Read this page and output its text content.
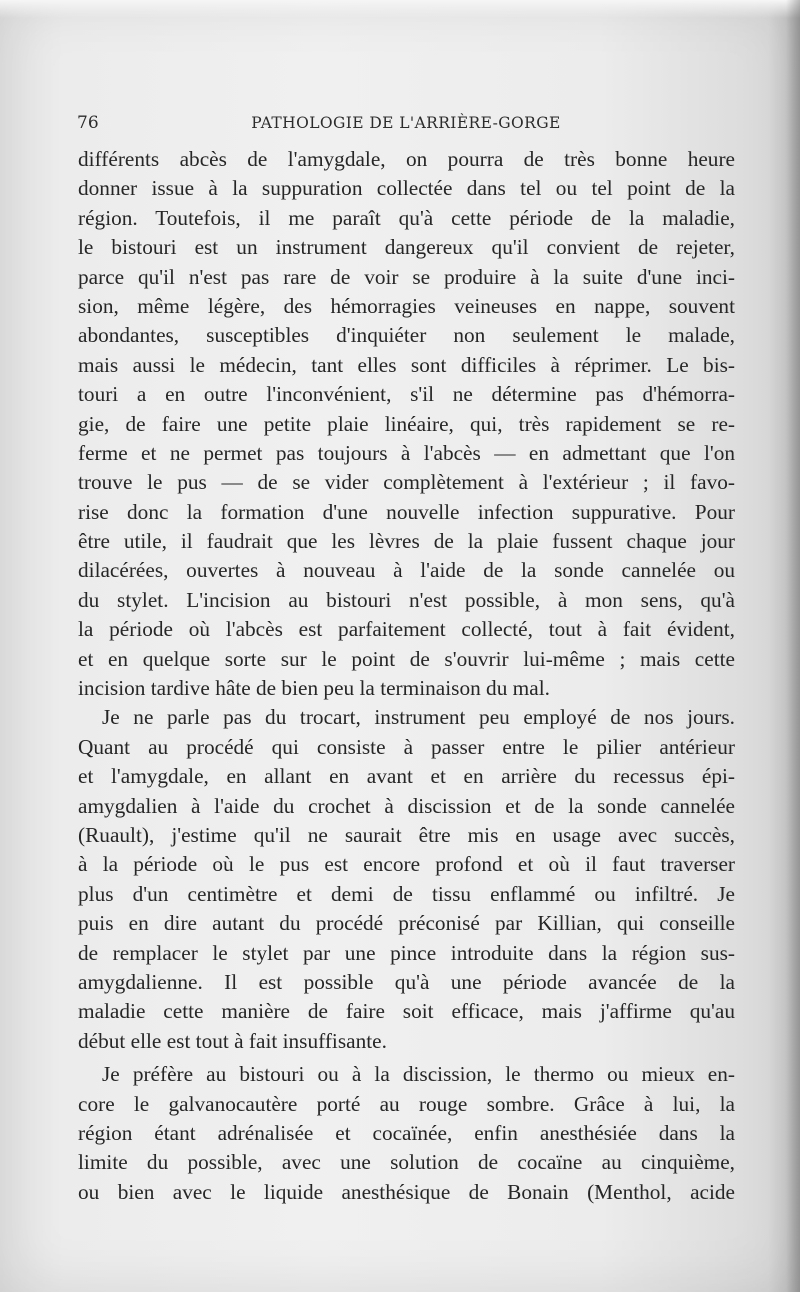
76	PATHOLOGIE DE L'ARRIÈRE-GORGE
différents abcès de l'amygdale, on pourra de très bonne heure
donner issue à la suppuration collectée dans tel ou tel point de la
région. Toutefois, il me paraît qu'à cette période de la maladie,
le bistouri est un instrument dangereux qu'il convient de rejeter,
parce qu'il n'est pas rare de voir se produire à la suite d'une inci-
sion, même légère, des hémorragies veineuses en nappe, souvent
abondantes, susceptibles d'inquiéter non seulement le malade,
mais aussi le médecin, tant elles sont difficiles à réprimer. Le bis-
touri a en outre l'inconvénient, s'il ne détermine pas d'hémorra-
gie, de faire une petite plaie linéaire, qui, très rapidement se re-
ferme et ne permet pas toujours à l'abcès — en admettant que l'on
trouve le pus — de se vider complètement à l'extérieur ; il favo-
rise donc la formation d'une nouvelle infection suppurative. Pour
être utile, il faudrait que les lèvres de la plaie fussent chaque jour
dilacérées, ouvertes à nouveau à l'aide de la sonde cannelée ou
du stylet. L'incision au bistouri n'est possible, à mon sens, qu'à
la période où l'abcès est parfaitement collecté, tout à fait évident,
et en quelque sorte sur le point de s'ouvrir lui-même ; mais cette
incision tardive hâte de bien peu la terminaison du mal.
Je ne parle pas du trocart, instrument peu employé de nos jours.
Quant au procédé qui consiste à passer entre le pilier antérieur
et l'amygdale, en allant en avant et en arrière du recessus épi-
amygdalien à l'aide du crochet à discission et de la sonde cannelée
(Ruault), j'estime qu'il ne saurait être mis en usage avec succès,
à la période où le pus est encore profond et où il faut traverser
plus d'un centimètre et demi de tissu enflammé ou infiltré. Je
puis en dire autant du procédé préconisé par Killian, qui conseille
de remplacer le stylet par une pince introduite dans la région sus-
amygdalienne. Il est possible qu'à une période avancée de la
maladie cette manière de faire soit efficace, mais j'affirme qu'au
début elle est tout à fait insuffisante.
Je préfère au bistouri ou à la discission, le thermo ou mieux en-
core le galvanocautère porté au rouge sombre. Grâce à lui, la
région étant adrénalisée et cocaïnée, enfin anesthésiée dans la
limite du possible, avec une solution de cocaïne au cinquième,
ou bien avec le liquide anesthésique de Bonain (Menthol, acide
